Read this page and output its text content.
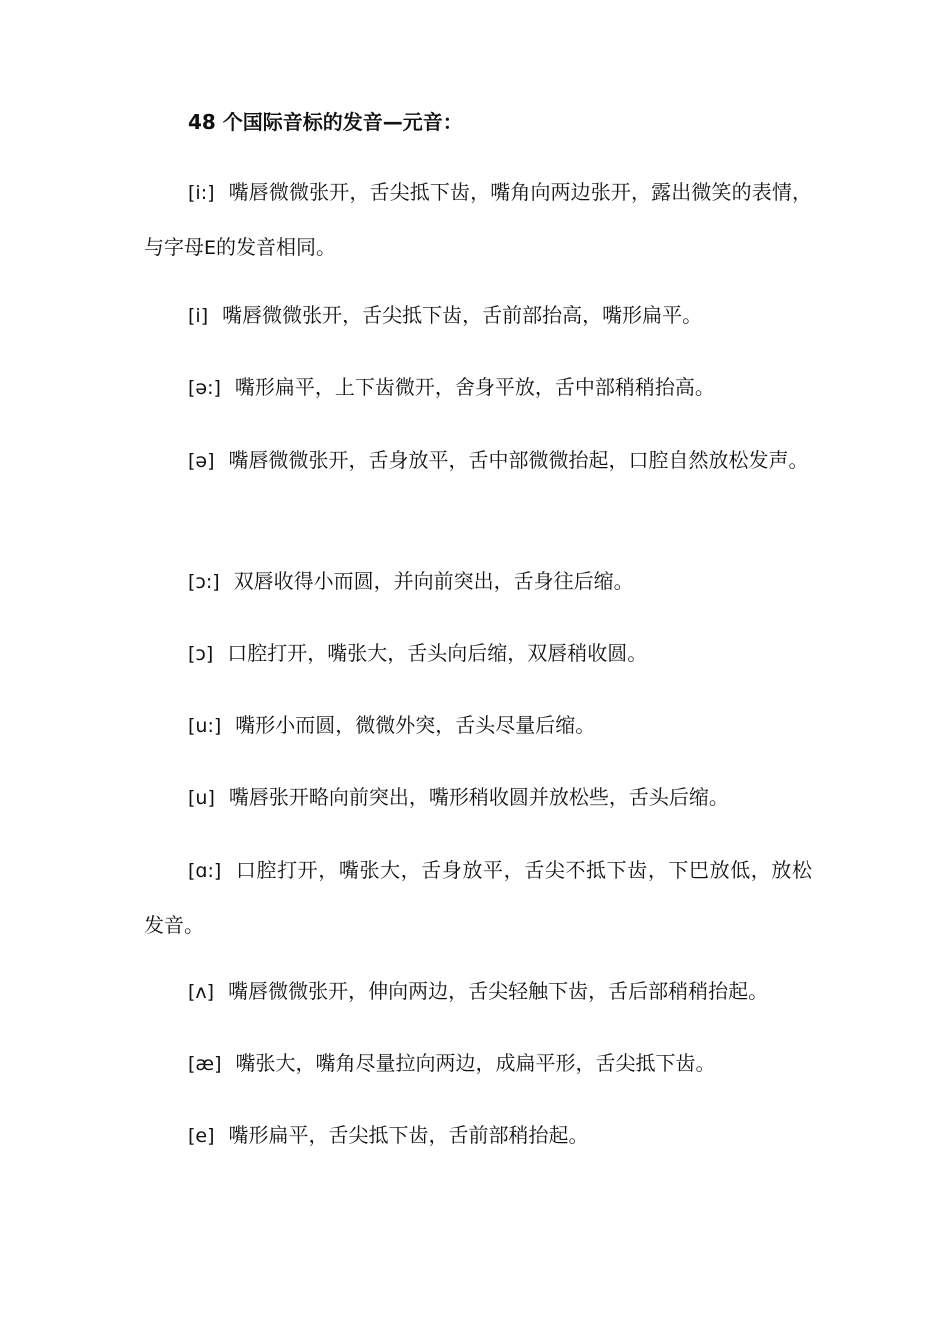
48 个国际音标的发音—元音：

[i:] 嘴唇微微张开，舌尖抵下齿，嘴角向两边张开，露出微笑的表情，与字母E的发音相同。

[i] 嘴唇微微张开，舌尖抵下齿，舌前部抬高，嘴形扁平。

[ə:] 嘴形扁平，上下齿微开，舍身平放，舌中部稍稍抬高。

[ə] 嘴唇微微张开，舌身放平，舌中部微微抬起，口腔自然放松发声。

[ɔ:] 双唇收得小而圆，并向前突出，舌身往后缩。

[ɔ] 口腔打开，嘴张大，舌头向后缩，双唇稍收圆。

[u:] 嘴形小而圆，微微外突，舌头尽量后缩。

[u] 嘴唇张开略向前突出，嘴形稍收圆并放松些，舌头后缩。

[ɑ:] 口腔打开，嘴张大，舌身放平，舌尖不抵下齿，下巴放低，放松发音。

[ʌ] 嘴唇微微张开，伸向两边，舌尖轻触下齿，舌后部稍稍抬起。

[æ] 嘴张大，嘴角尽量拉向两边，成扁平形，舌尖抵下齿。

[e] 嘴形扁平，舌尖抵下齿，舌前部稍抬起。
